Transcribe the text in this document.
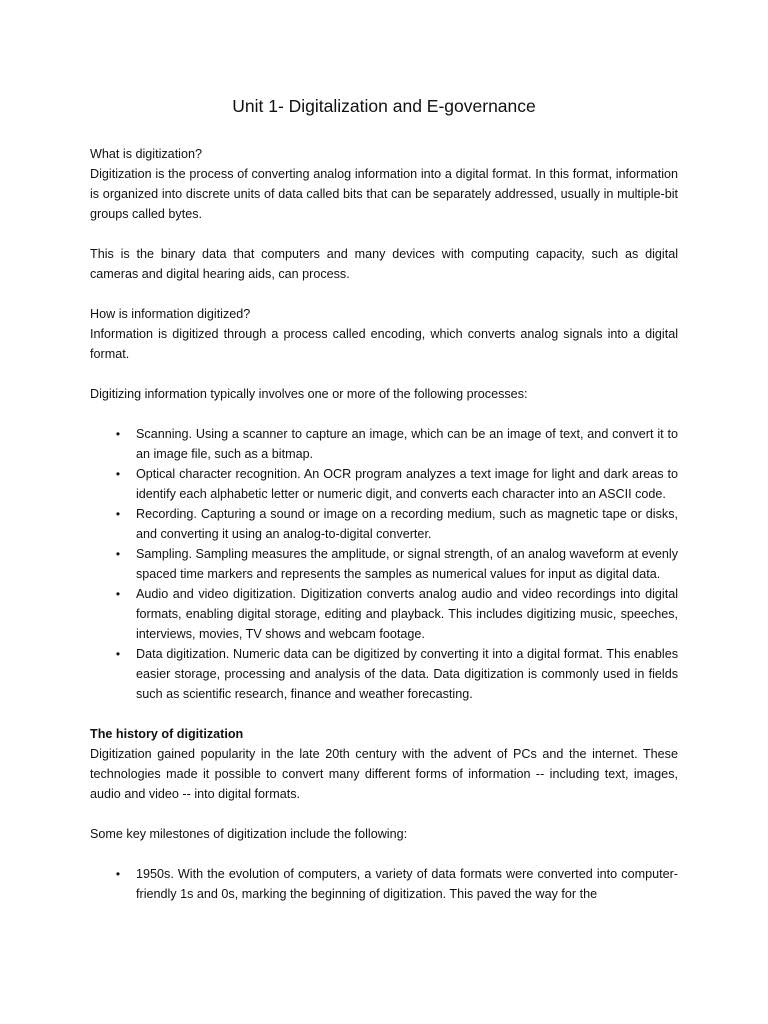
Unit 1- Digitalization and E-governance

What is digitization?

Digitization is the process of converting analog information into a digital format. In this format, information is organized into discrete units of data called bits that can be separately addressed, usually in multiple-bit groups called bytes.

This is the binary data that computers and many devices with computing capacity, such as digital cameras and digital hearing aids, can process.

How is information digitized?

Information is digitized through a process called encoding, which converts analog signals into a digital format.

Digitizing information typically involves one or more of the following processes:

• Scanning. Using a scanner to capture an image, which can be an image of text, and convert it to an image file, such as a bitmap.
• Optical character recognition. An OCR program analyzes a text image for light and dark areas to identify each alphabetic letter or numeric digit, and converts each character into an ASCII code.
• Recording. Capturing a sound or image on a recording medium, such as magnetic tape or disks, and converting it using an analog-to-digital converter.
• Sampling. Sampling measures the amplitude, or signal strength, of an analog waveform at evenly spaced time markers and represents the samples as numerical values for input as digital data.
• Audio and video digitization. Digitization converts analog audio and video recordings into digital formats, enabling digital storage, editing and playback. This includes digitizing music, speeches, interviews, movies, TV shows and webcam footage.
• Data digitization. Numeric data can be digitized by converting it into a digital format. This enables easier storage, processing and analysis of the data. Data digitization is commonly used in fields such as scientific research, finance and weather forecasting.

The history of digitization

Digitization gained popularity in the late 20th century with the advent of PCs and the internet. These technologies made it possible to convert many different forms of information -- including text, images, audio and video -- into digital formats.

Some key milestones of digitization include the following:

• 1950s. With the evolution of computers, a variety of data formats were converted into computer-friendly 1s and 0s, marking the beginning of digitization. This paved the way for the
